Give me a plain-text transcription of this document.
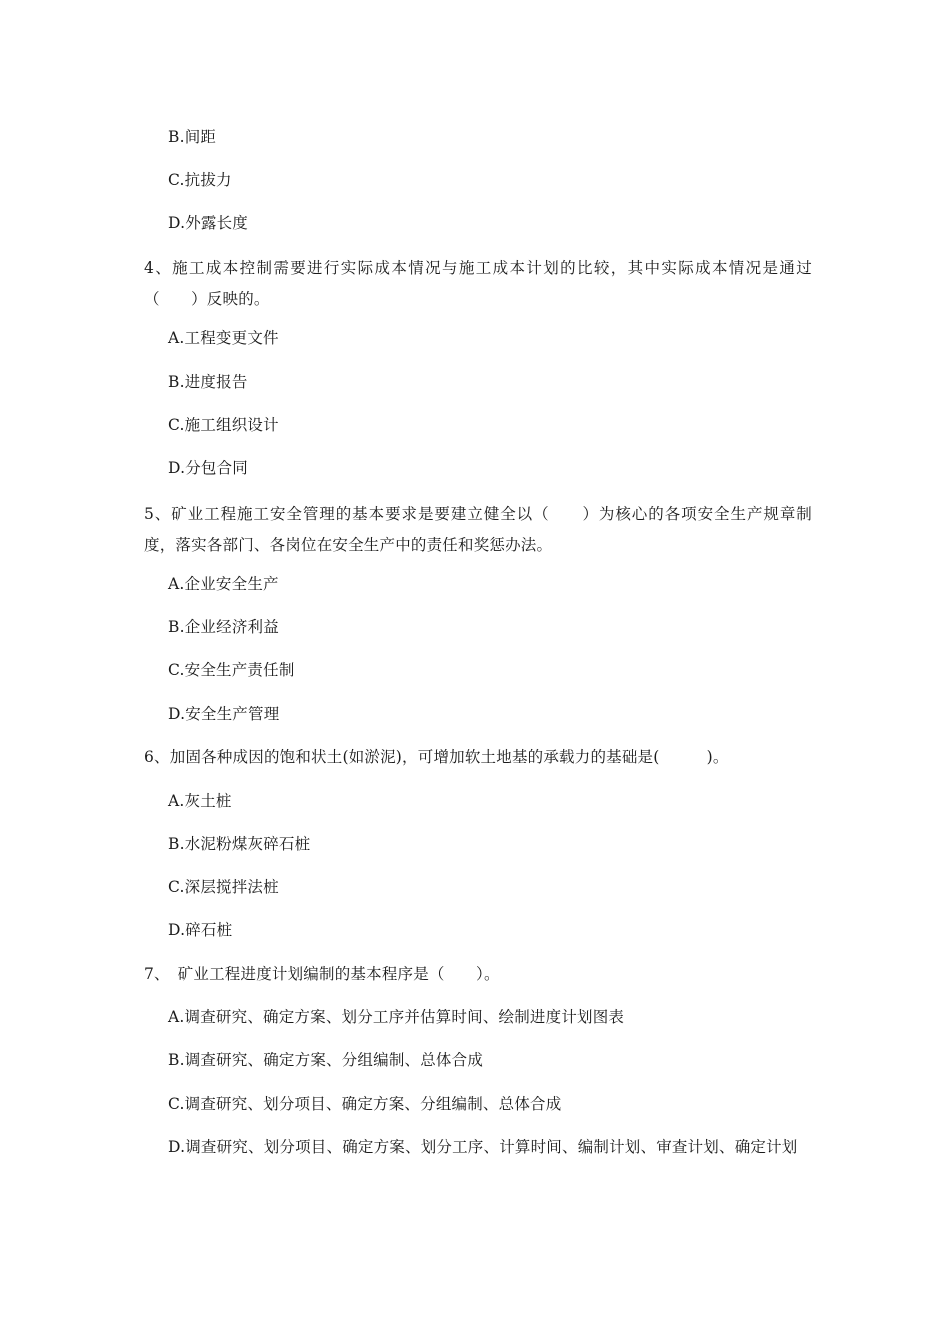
B.间距
C.抗拔力
D.外露长度
4、施工成本控制需要进行实际成本情况与施工成本计划的比较，其中实际成本情况是通过（　　）反映的。
A.工程变更文件
B.进度报告
C.施工组织设计
D.分包合同
5、矿业工程施工安全管理的基本要求是要建立健全以（　　）为核心的各项安全生产规章制度，落实各部门、各岗位在安全生产中的责任和奖惩办法。
A.企业安全生产
B.企业经济利益
C.安全生产责任制
D.安全生产管理
6、加固各种成因的饱和状土(如淤泥)，可增加软土地基的承载力的基础是(　　　)。
A.灰土桩
B.水泥粉煤灰碎石桩
C.深层搅拌法桩
D.碎石桩
7、　矿业工程进度计划编制的基本程序是（　　）。
A.调查研究、确定方案、划分工序并估算时间、绘制进度计划图表
B.调查研究、确定方案、分组编制、总体合成
C.调查研究、划分项目、确定方案、分组编制、总体合成
D.调查研究、划分项目、确定方案、划分工序、计算时间、编制计划、审查计划、确定计划
